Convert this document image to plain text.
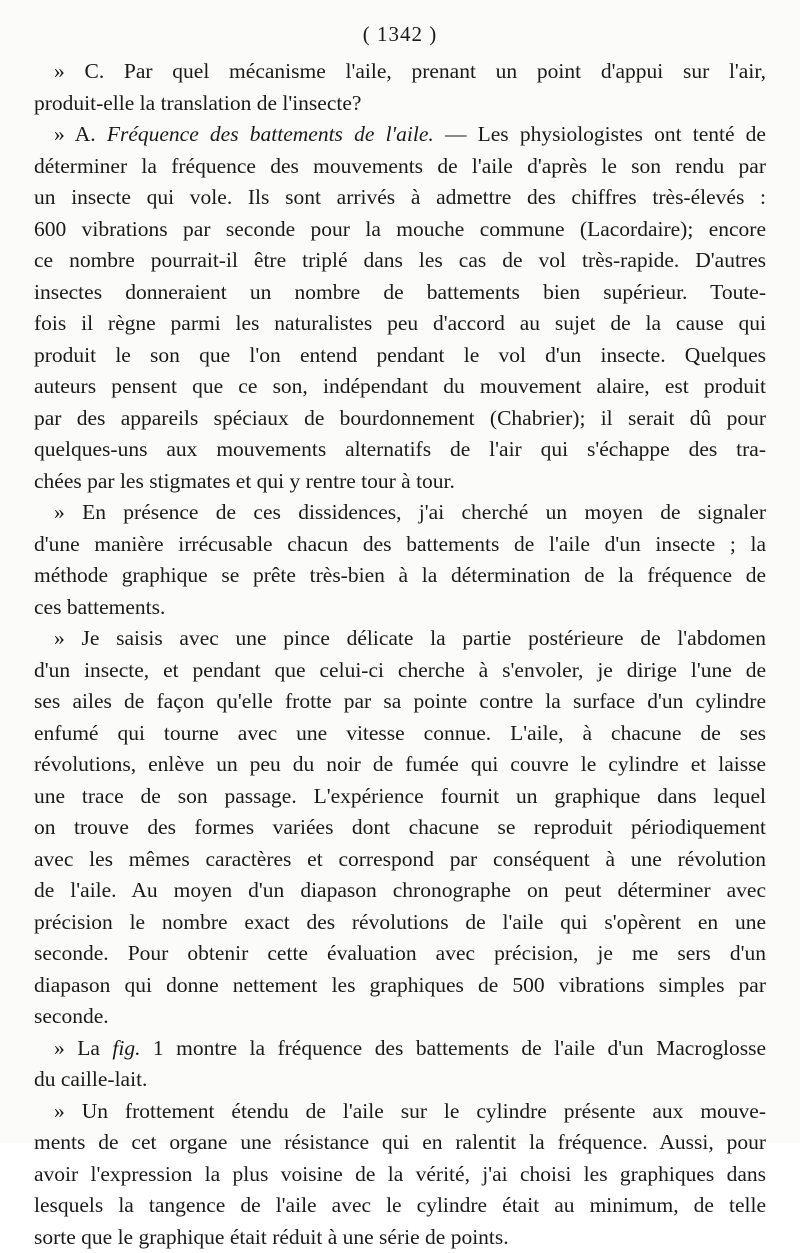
( 1342 )
» C. Par quel mécanisme l'aile, prenant un point d'appui sur l'air,
produit-elle la translation de l'insecte?
» A. Fréquence des battements de l'aile. — Les physiologistes ont tenté de
déterminer la fréquence des mouvements de l'aile d'après le son rendu par
un insecte qui vole. Ils sont arrivés à admettre des chiffres très-élevés :
600 vibrations par seconde pour la mouche commune (Lacordaire); encore
ce nombre pourrait-il être triplé dans les cas de vol très-rapide. D'autres
insectes donneraient un nombre de battements bien supérieur. Toute-
fois il règne parmi les naturalistes peu d'accord au sujet de la cause qui
produit le son que l'on entend pendant le vol d'un insecte. Quelques
auteurs pensent que ce son, indépendant du mouvement alaire, est produit
par des appareils spéciaux de bourdonnement (Chabrier); il serait dû pour
quelques-uns aux mouvements alternatifs de l'air qui s'échappe des tra-
chées par les stigmates et qui y rentre tour à tour.
» En présence de ces dissidences, j'ai cherché un moyen de signaler
d'une manière irrécusable chacun des battements de l'aile d'un insecte ; la
méthode graphique se prête très-bien à la détermination de la fréquence de
ces battements.
» Je saisis avec une pince délicate la partie postérieure de l'abdomen
d'un insecte, et pendant que celui-ci cherche à s'envoler, je dirige l'une de
ses ailes de façon qu'elle frotte par sa pointe contre la surface d'un cylindre
enfumé qui tourne avec une vitesse connue. L'aile, à chacune de ses
révolutions, enlève un peu du noir de fumée qui couvre le cylindre et laisse
une trace de son passage. L'expérience fournit un graphique dans lequel
on trouve des formes variées dont chacune se reproduit périodiquement
avec les mêmes caractères et correspond par conséquent à une révolution
de l'aile. Au moyen d'un diapason chronographe on peut déterminer avec
précision le nombre exact des révolutions de l'aile qui s'opèrent en une
seconde. Pour obtenir cette évaluation avec précision, je me sers d'un
diapason qui donne nettement les graphiques de 500 vibrations simples par
seconde.
» La fig. 1 montre la fréquence des battements de l'aile d'un Macroglosse
du caille-lait.
» Un frottement étendu de l'aile sur le cylindre présente aux mouve-
ments de cet organe une résistance qui en ralentit la fréquence. Aussi, pour
avoir l'expression la plus voisine de la vérité, j'ai choisi les graphiques dans
lesquels la tangence de l'aile avec le cylindre était au minimum, de telle
sorte que le graphique était réduit à une série de points.
